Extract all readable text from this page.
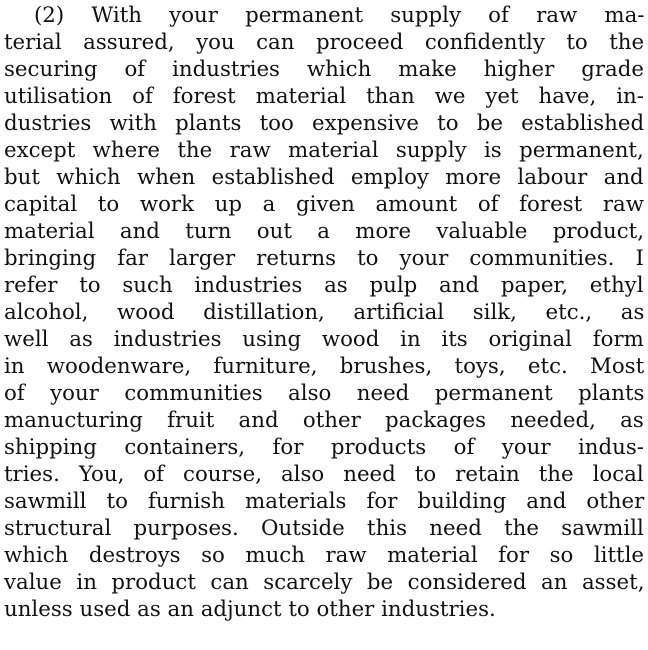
(2) With your permanent supply of raw ma-
terial assured, you can proceed confidently to the
securing of industries which make higher grade
utilisation of forest material than we yet have, in-
dustries with plants too expensive to be established
except where the raw material supply is permanent,
but which when established employ more labour and
capital to work up a given amount of forest raw
material and turn out a more valuable product,
bringing far larger returns to your communities. I
refer to such industries as pulp and paper, ethyl
alcohol, wood distillation, artificial silk, etc., as
well as industries using wood in its original form
in woodenware, furniture, brushes, toys, etc. Most
of your communities also need permanent plants
manucturing fruit and other packages needed, as
shipping containers, for products of your indus-
tries. You, of course, also need to retain the local
sawmill to furnish materials for building and other
structural purposes. Outside this need the sawmill
which destroys so much raw material for so little
value in product can scarcely be considered an asset,
unless used as an adjunct to other industries.
